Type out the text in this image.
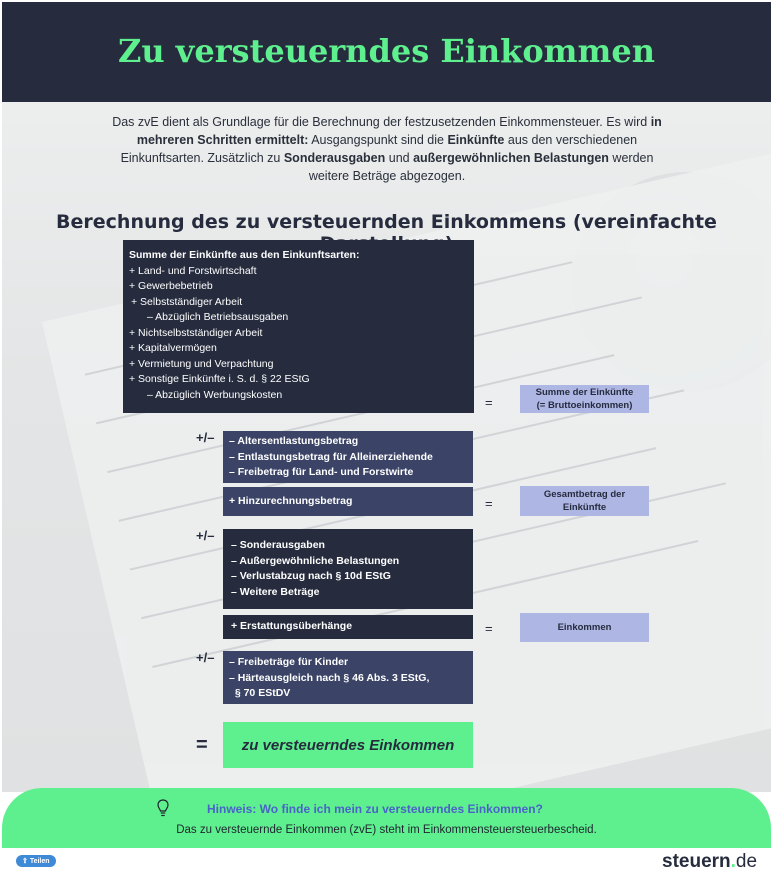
Zu versteuerndes Einkommen
Das zvE dient als Grundlage für die Berechnung der festzusetzenden Einkommensteuer. Es wird in mehreren Schritten ermittelt: Ausgangspunkt sind die Einkünfte aus den verschiedenen Einkunftsarten. Zusätzlich zu Sonderausgaben und außergewöhnlichen Belastungen werden weitere Beträge abgezogen.
Berechnung des zu versteuernden Einkommens (vereinfachte
Summe der Einkünfte aus den Einkunftsarten:
+ Land- und Forstwirtschaft
+ Gewerbebetrieb
+ Selbstständiger Arbeit
– Abzüglich Betriebsausgaben
+ Nichtselbstständiger Arbeit
+ Kapitalvermögen
+ Vermietung und Verpachtung
+ Sonstige Einkünfte i. S. d. § 22 EStG
– Abzüglich Werbungskosten
=
Summe der Einkünfte
(= Bruttoeinkommen)
+/– – Altersentlastungsbetrag
– Entlastungsbetrag für Alleinerziehende
– Freibetrag für Land- und Forstwirte
+ Hinzurechnungsbetrag	=
Gesamtbetrag der
Einkünfte
+/–
– Sonderausgaben
– Außergewöhnliche Belastungen
– Verlustabzug nach § 10d EStG
– Weitere Beträge
+ Erstattungsüberhänge	=	Einkommen
+/– – Freibeträge für Kinder
– Härteausgleich nach § 46 Abs. 3 EStG,
§ 70 EStDV
=	zu versteuerndes Einkommen
Hinweis: Wo finde ich mein zu versteuerndes Einkommen?
Das zu versteuernde Einkommen (zvE) steht im Einkommensteuersteuerbescheid.
⇪ Teilen	steuern.de
